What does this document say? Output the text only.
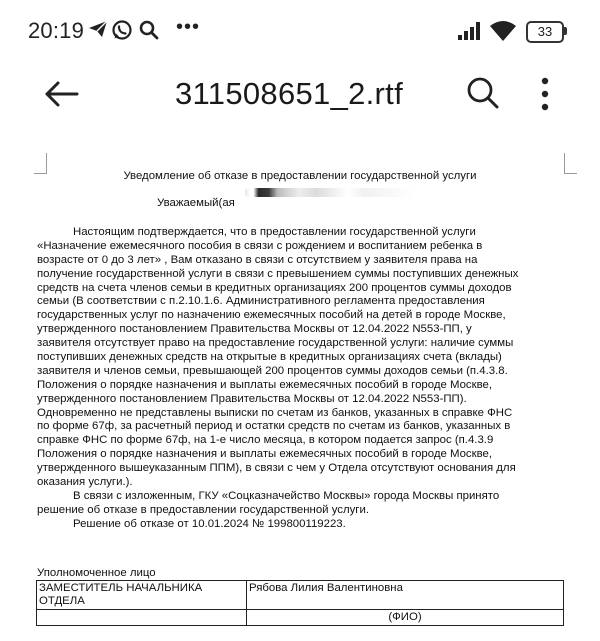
20:19	•••	33
311508651_2.rtf
Уведомление об отказе в предоставлении государственной услуги
Уважаемый(ая
Настоящим подтверждается, что в предоставлении государственной услуги
«Назначение ежемесячного пособия в связи с рождением и воспитанием ребенка в
возрасте от 0 до 3 лет» , Вам отказано в связи с отсутствием у заявителя права на
получение государственной услуги в связи с превышением суммы поступивших денежных
средств на счета членов семьи в кредитных организациях 200 процентов суммы доходов
семьи (В соответствии с п.2.10.1.6. Административного регламента предоставления
государственных услуг по назначению ежемесячных пособий на детей в городе Москве,
утвержденного постановлением Правительства Москвы от 12.04.2022 N553-ПП, у
заявителя отсутствует право на предоставление государственной услуги: наличие суммы
поступивших денежных средств на открытые в кредитных организациях счета (вклады)
заявителя и членов семьи, превышающей 200 процентов суммы доходов семьи (п.4.3.8.
Положения о порядке назначения и выплаты ежемесячных пособий в городе Москве,
утвержденного постановлением Правительства Москвы от 12.04.2022 N553-ПП).
Одновременно не представлены выписки по счетам из банков, указанных в справке ФНС
по форме 67ф, за расчетный период и остатки средств по счетам из банков, указанных в
справке ФНС по форме 67ф, на 1-е число месяца, в котором подается запрос (п.4.3.9
Положения о порядке назначения и выплаты ежемесячных пособий в городе Москве,
утвержденного вышеуказанным ППМ), в связи с чем у Отдела отсутствуют основания для
оказания услуги.).
В связи с изложенным, ГКУ «Соцказначейство Москвы» города Москвы принято
решение об отказе в предоставлении государственной услуги.
Решение об отказе от 10.01.2024 № 199800119223.
Уполномоченное лицо
ЗАМЕСТИТЕЛЬ НАЧАЛЬНИКА ОТДЕЛА	Рябова Лилия Валентиновна
	(ФИО)
